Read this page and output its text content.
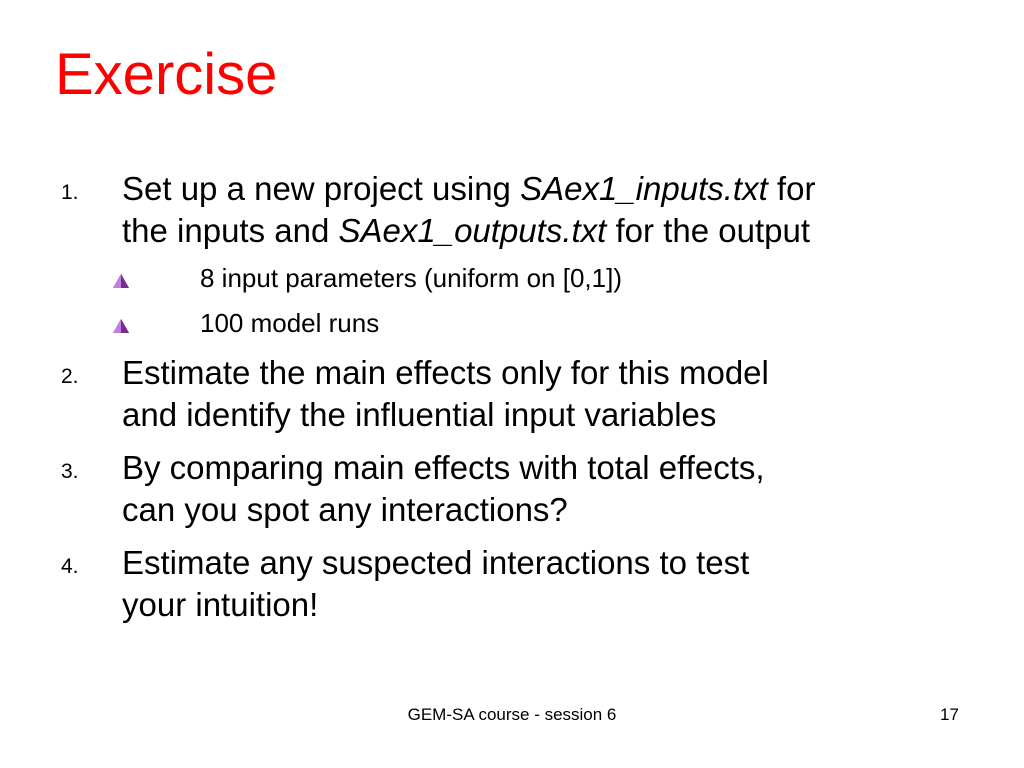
Exercise
1. Set up a new project using SAex1_inputs.txt for
the inputs and SAex1_outputs.txt for the output
8 input parameters (uniform on [0,1])
100 model runs
2. Estimate the main effects only for this model
and identify the influential input variables
3. By comparing main effects with total effects,
can you spot any interactions?
4. Estimate any suspected interactions to test
your intuition!
GEM-SA course - session 6	17
